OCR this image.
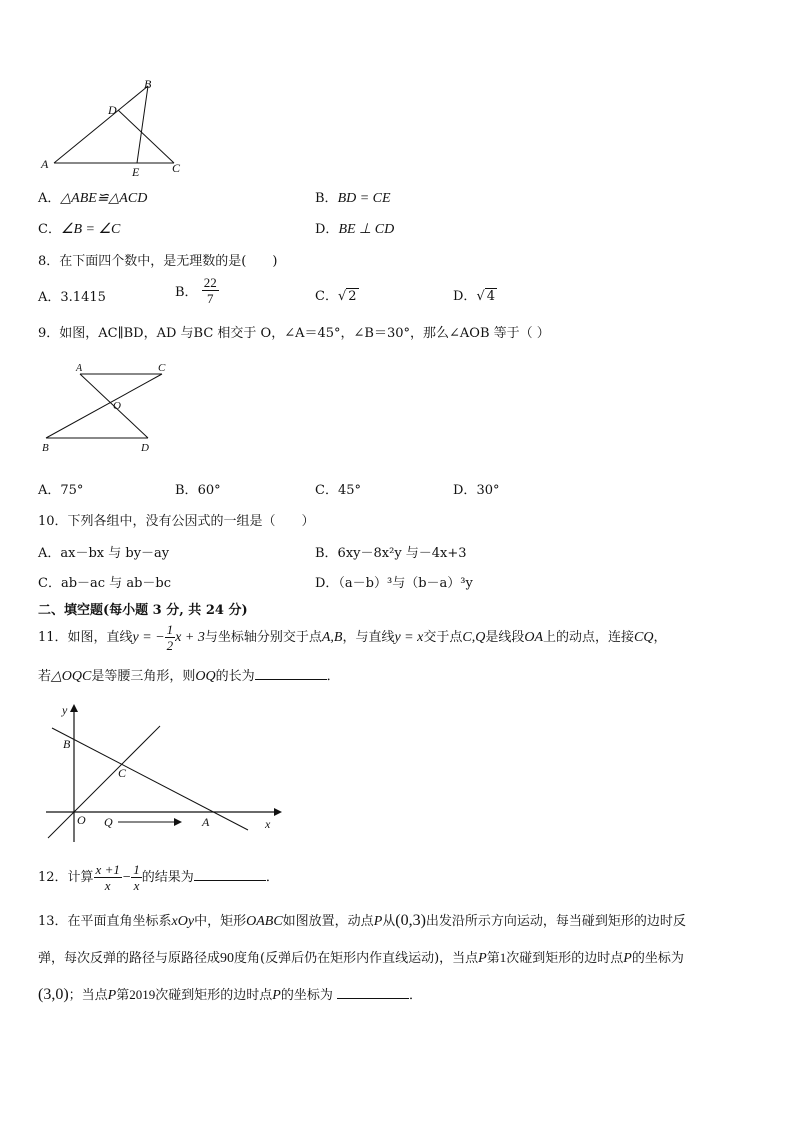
B
D
A
E	C
A．△ABE≌△ACD	B．BD = CE
C．∠B = ∠C	D．BE ⊥ CD
8．在下面四个数中，是无理数的是(　　)
A．3.1415	B． $\frac{22}{7}$	C．√ 2	D．√ 4
9．如图，AC∥BD，AD 与BC 相交于 O，∠A＝45°，∠B＝30°，那么∠AOB 等于（ ）
A	C
O
B	D
A．75°	B．60°	C．45°	D．30°
10．下列各组中，没有公因式的一组是（　　）
A．ax－bx 与 by－ay	B．6xy－8x²y 与－4x+3
C．ab－ac 与 ab－bc	D．（a－b）³与（b－a）³y
二、填空题(每小题 3 分, 共 24 分)
11．如图，直线y = − $\frac{1}{2}$ x + 3与坐标轴分别交于点A,B，与直线y = x交于点C,Q是线段OA上的动点，连接CQ，
若△OQC是等腰三角形，则OQ的长为	．
y
B
C
O Q	A	x
12．计算 $\frac{x +1}{x} - \frac{1}{x}$ 的结果为	．
13．在平面直角坐标系xOy中，矩形OABC如图放置，动点P从(0,3)出发沿所示方向运动，每当碰到矩形的边时反
弹，每次反弹的路径与原路径成90度角(反弹后仍在矩形内作直线运动)，当点P第1次碰到矩形的边时点P的坐标为
(3,0)；当点P第2019次碰到矩形的边时点P的坐标为	．
